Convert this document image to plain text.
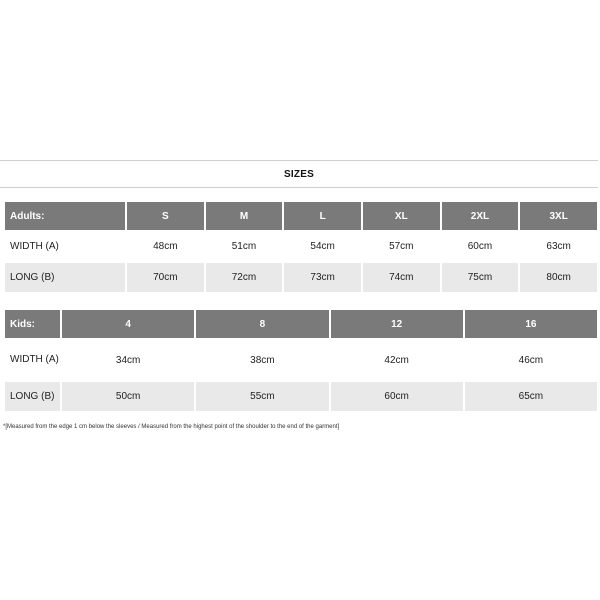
SIZES
Adults:	S	M	L	XL	2XL	3XL
WIDTH (A)	48cm	51cm	54cm	57cm	60cm	63cm
LONG (B)	70cm	72cm	73cm	74cm	75cm	80cm
Kids:	4	8	12	16
WIDTH (A)	34cm	38cm	42cm	46cm
LONG (B)	50cm	55cm	60cm	65cm
*[Measured from the edge 1 cm below the sleeves / Measured from the highest point of the shoulder to the end of the garment]
